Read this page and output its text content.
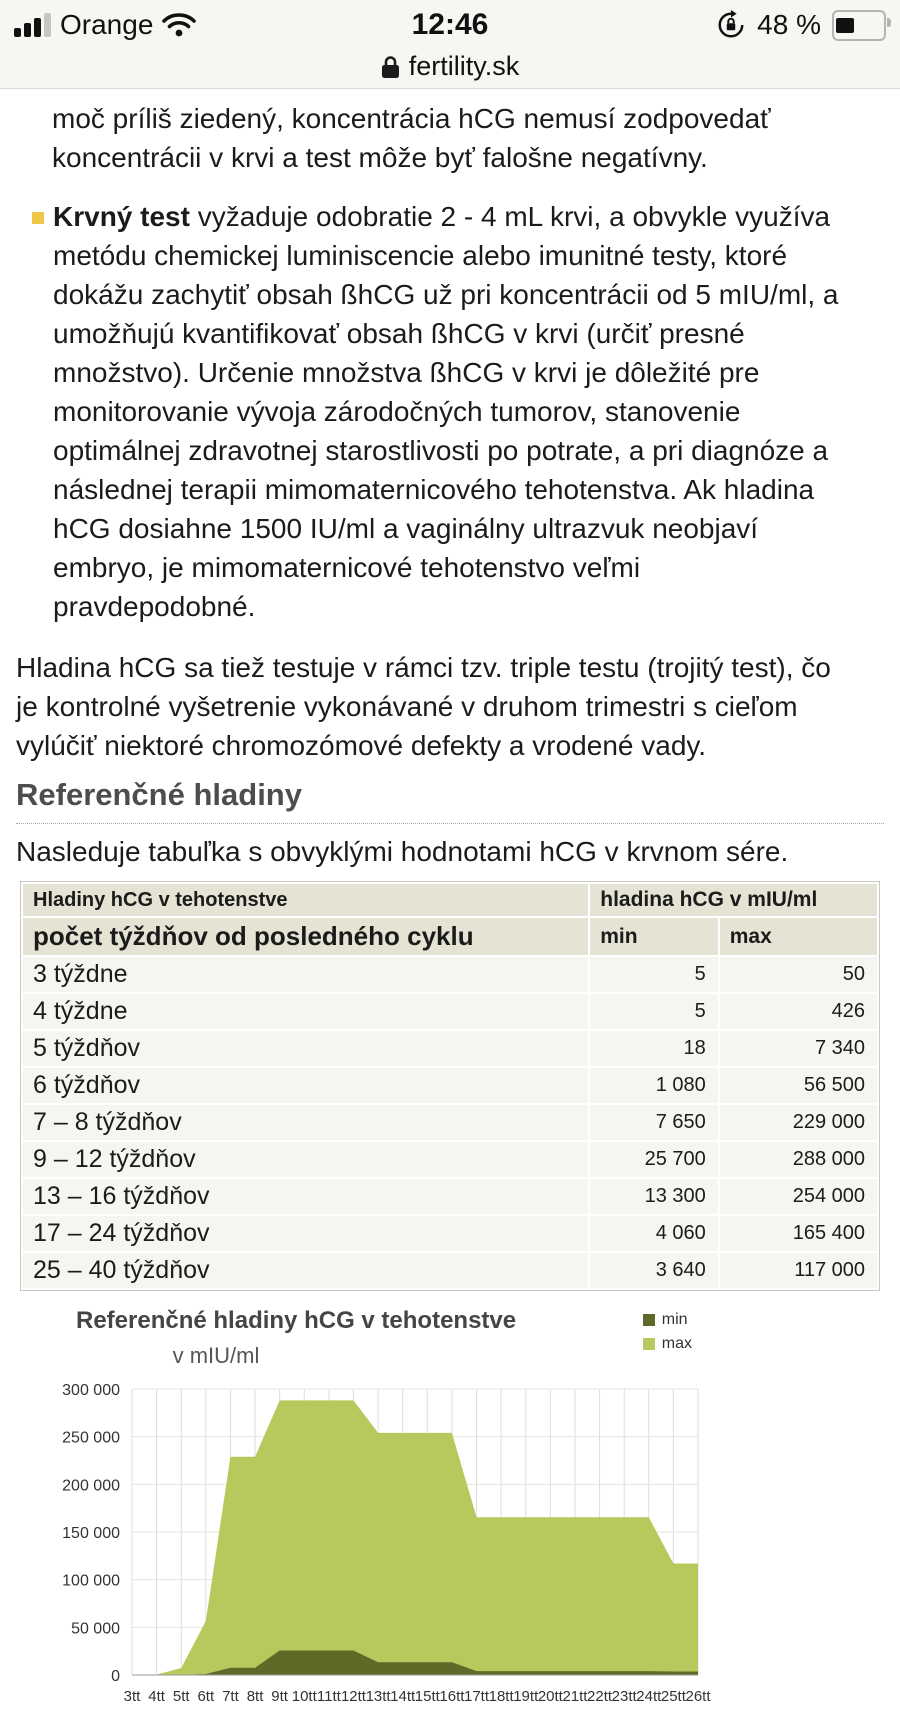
Orange	12:46	48 %
fertility.sk

moč príliš ziedený, koncentrácia hCG nemusí zodpovedať koncentrácii v krvi a test môže byť falošne negatívny.

Krvný test vyžaduje odobratie 2 - 4 mL krvi, a obvykle využíva metódu chemickej luminiscencie alebo imunitné testy, ktoré dokážu zachytiť obsah ßhCG už pri koncentrácii od 5 mIU/ml, a umožňujú kvantifikovať obsah ßhCG v krvi (určiť presné množstvo). Určenie množstva ßhCG v krvi je dôležité pre monitorovanie vývoja zárodočných tumorov, stanovenie optimálnej zdravotnej starostlivosti po potrate, a pri diagnóze a následnej terapii mimomaternicového tehotenstva. Ak hladina hCG dosiahne 1500 IU/ml a vaginálny ultrazvuk neobjaví embryo, je mimomaternicové tehotenstvo veľmi pravdepodobné.

Hladina hCG sa tiež testuje v rámci tzv. triple testu (trojitý test), čo je kontrolné vyšetrenie vykonávané v druhom trimestri s cieľom vylúčiť niektoré chromozómové defekty a vrodené vady.

Referenčné hladiny

Nasleduje tabuľka s obvyklými hodnotami hCG v krvnom sére.

Hladiny hCG v tehotenstve	hladina hCG v mIU/ml	
počet týždňov od posledného cyklu	min	max
3 týždne	5	50
4 týždne	5	426
5 týždňov	18	7 340
6 týždňov	1 080	56 500
7 – 8 týždňov	7 650	229 000
9 – 12 týždňov	25 700	288 000
13 – 16 týždňov	13 300	254 000
17 – 24 týždňov	4 060	165 400
25 – 40 týždňov	3 640	117 000
Referenčné hladiny hCG v tehotenstve
v mIU/ml
min
max
0
50 000
100 000
150 000
200 000
250 000
300 000
3tt 4tt 5tt 6tt 7tt 8tt 9tt 10tt 11tt 12tt 13tt 14tt 15tt 16tt 17tt 18tt 19tt 20tt 21tt 22tt 23tt 24tt 25tt 26tt
